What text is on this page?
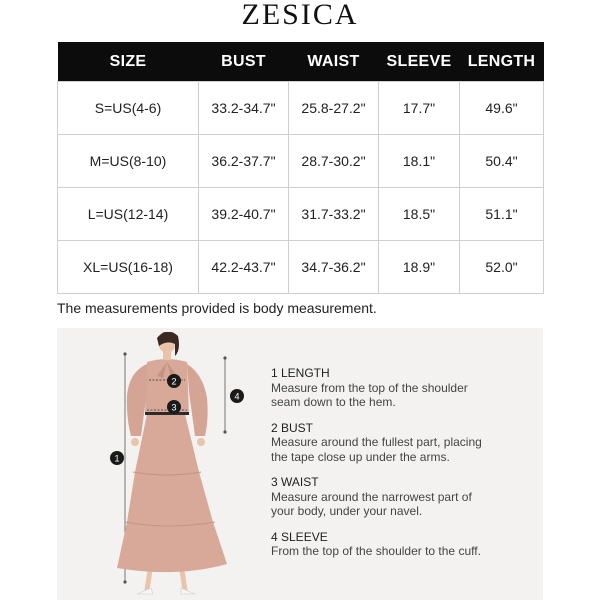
ZESICA
SIZE	BUST	WAIST	SLEEVE	LENGTH
S=US(4-6)	33.2-34.7"	25.8-27.2"	17.7"	49.6"
M=US(8-10)	36.2-37.7"	28.7-30.2"	18.1"	50.4"
L=US(12-14)	39.2-40.7"	31.7-33.2"	18.5"	51.1"
XL=US(16-18)	42.2-43.7"	34.7-36.2"	18.9"	52.0"
The measurements provided is body measurement.
1
2
3
4
1 LENGTH
Measure from the top of the shoulder
seam down to the hem.
2 BUST
Measure around the fullest part, placing
the tape close up under the arms.
3 WAIST
Measure around the narrowest part of
your body, under your navel.
4 SLEEVE
From the top of the shoulder to the cuff.
